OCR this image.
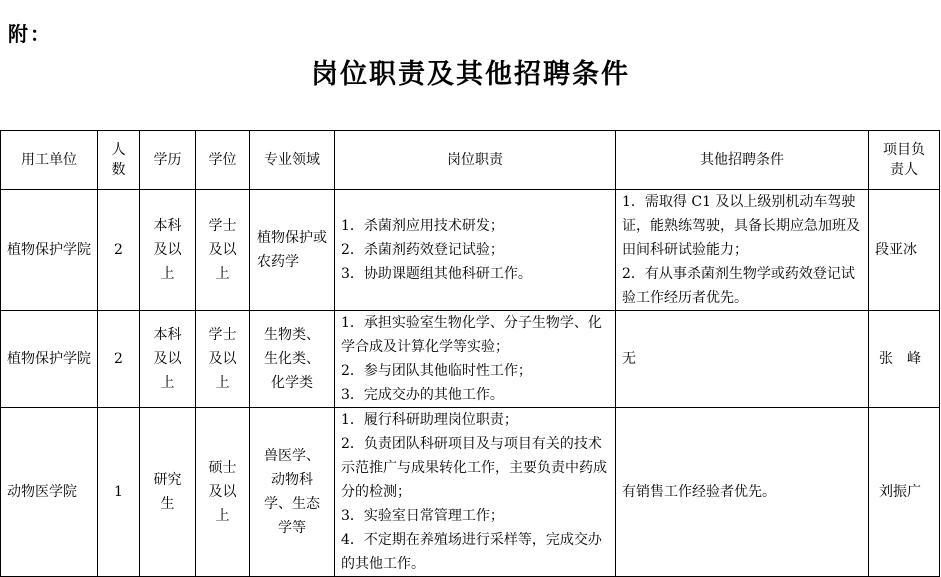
附：
岗位职责及其他招聘条件
用工单位	人数	学历	学位	专业领域	岗位职责	其他招聘条件	项目负责人

植物保护学院	2	本科及以上	学士及以上	植物保护或农药学	1．杀菌剂应用技术研发；
2．杀菌剂药效登记试验；
3．协助课题组其他科研工作。	1．需取得 C1 及以上级别机动车驾驶证，能熟练驾驶，具备长期应急加班及田间科研试验能力；
2．有从事杀菌剂生物学或药效登记试验工作经历者优先。	段亚冰

植物保护学院	2	本科及以上	学士及以上	生物类、生化类、化学类	1．承担实验室生物化学、分子生物学、化学合成及计算化学等实验；
2．参与团队其他临时性工作；
3．完成交办的其他工作。	无	张　峰
动物医学院	1	研究生	硕士及以上	兽医学、动物科学、生态学等	1．履行科研助理岗位职责；
2．负责团队科研项目及与项目有关的技术示范推广与成果转化工作，主要负责中药成分的检测；
3．实验室日常管理工作；
4．不定期在养殖场进行采样等，完成交办的其他工作。	有销售工作经验者优先。	刘振广
